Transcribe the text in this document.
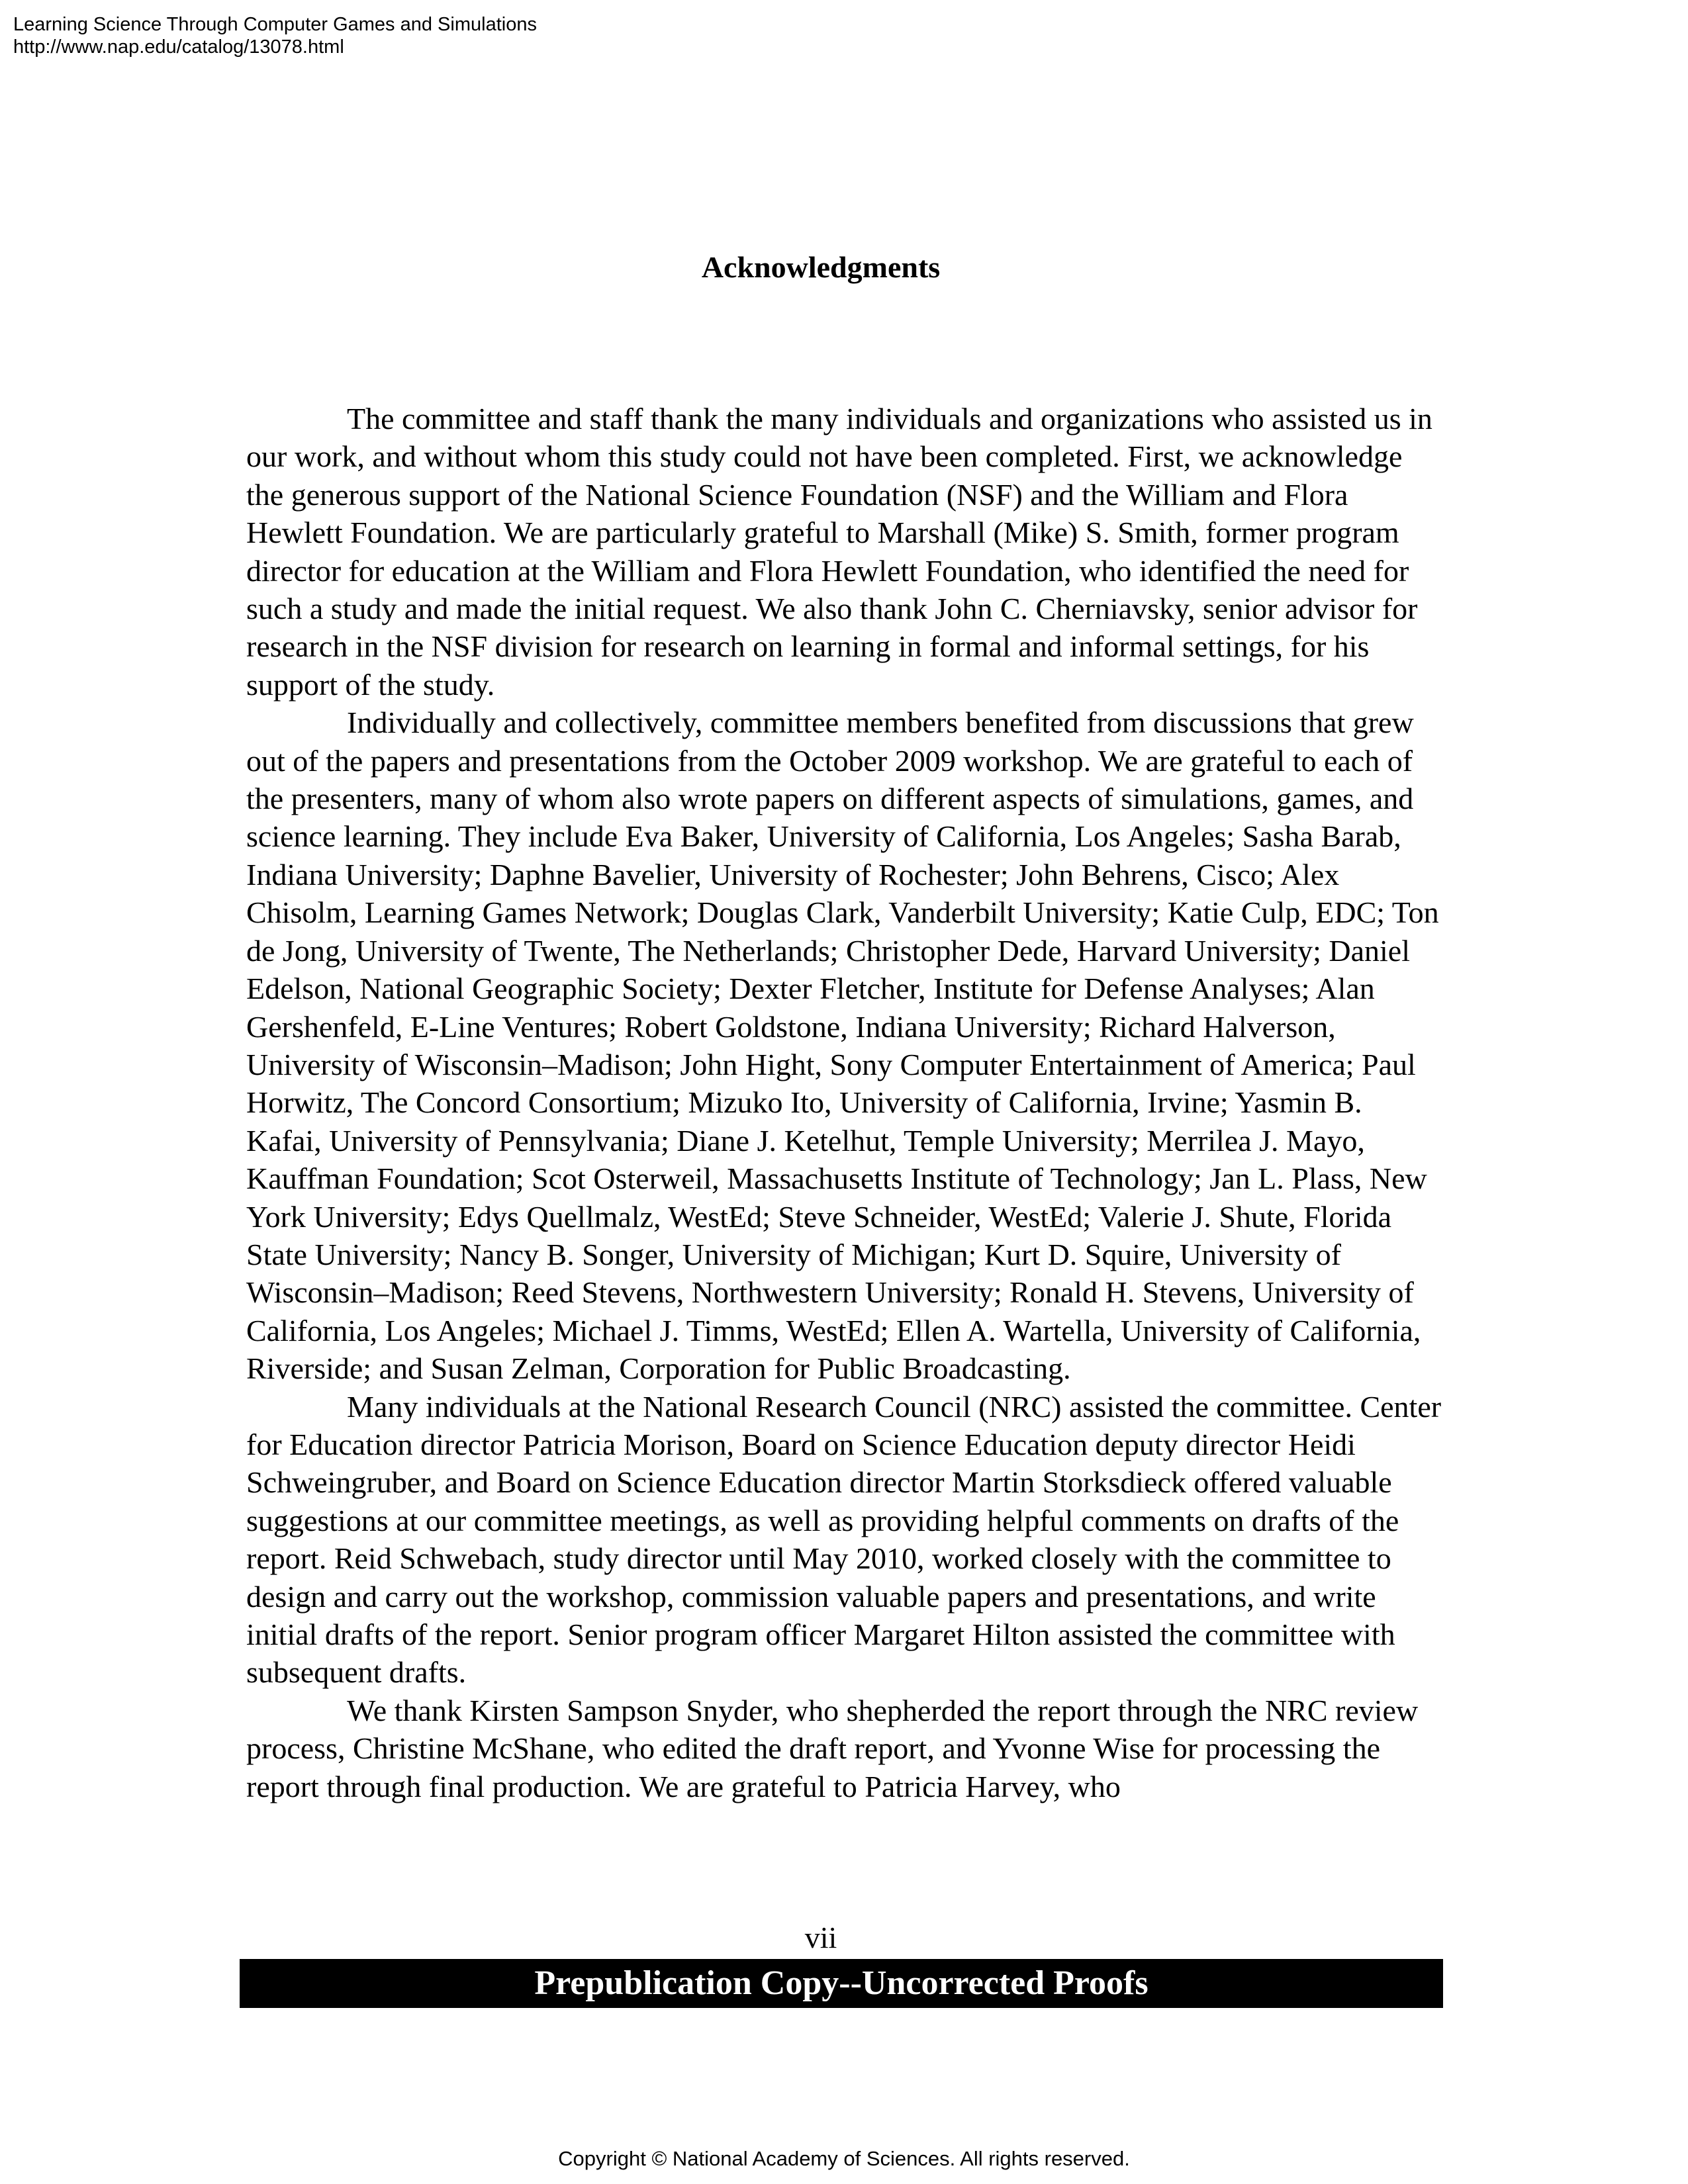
Learning Science Through Computer Games and Simulations
http://www.nap.edu/catalog/13078.html
Acknowledgments

The committee and staff thank the many individuals and organizations who assisted us in our work, and without whom this study could not have been completed. First, we acknowledge the generous support of the National Science Foundation (NSF) and the William and Flora Hewlett Foundation. We are particularly grateful to Marshall (Mike) S. Smith, former program director for education at the William and Flora Hewlett Foundation, who identified the need for such a study and made the initial request. We also thank John C. Cherniavsky, senior advisor for research in the NSF division for research on learning in formal and informal settings, for his support of the study.

Individually and collectively, committee members benefited from discussions that grew out of the papers and presentations from the October 2009 workshop. We are grateful to each of the presenters, many of whom also wrote papers on different aspects of simulations, games, and science learning. They include Eva Baker, University of California, Los Angeles; Sasha Barab, Indiana University; Daphne Bavelier, University of Rochester; John Behrens, Cisco; Alex Chisolm, Learning Games Network; Douglas Clark, Vanderbilt University; Katie Culp, EDC; Ton de Jong, University of Twente, The Netherlands; Christopher Dede, Harvard University; Daniel Edelson, National Geographic Society; Dexter Fletcher, Institute for Defense Analyses; Alan Gershenfeld, E-Line Ventures; Robert Goldstone, Indiana University; Richard Halverson, University of Wisconsin–Madison; John Hight, Sony Computer Entertainment of America; Paul Horwitz, The Concord Consortium; Mizuko Ito, University of California, Irvine; Yasmin B. Kafai, University of Pennsylvania; Diane J. Ketelhut, Temple University; Merrilea J. Mayo, Kauffman Foundation; Scot Osterweil, Massachusetts Institute of Technology; Jan L. Plass, New York University; Edys Quellmalz, WestEd; Steve Schneider, WestEd; Valerie J. Shute, Florida State University; Nancy B. Songer, University of Michigan; Kurt D. Squire, University of Wisconsin–Madison; Reed Stevens, Northwestern University; Ronald H. Stevens, University of California, Los Angeles; Michael J. Timms, WestEd; Ellen A. Wartella, University of California, Riverside; and Susan Zelman, Corporation for Public Broadcasting.

Many individuals at the National Research Council (NRC) assisted the committee. Center for Education director Patricia Morison, Board on Science Education deputy director Heidi Schweingruber, and Board on Science Education director Martin Storksdieck offered valuable suggestions at our committee meetings, as well as providing helpful comments on drafts of the report. Reid Schwebach, study director until May 2010, worked closely with the committee to design and carry out the workshop, commission valuable papers and presentations, and write initial drafts of the report. Senior program officer Margaret Hilton assisted the committee with subsequent drafts.

We thank Kirsten Sampson Snyder, who shepherded the report through the NRC review process, Christine McShane, who edited the draft report, and Yvonne Wise for processing the report through final production. We are grateful to Patricia Harvey, who

vii
Prepublication Copy--Uncorrected Proofs
Copyright © National Academy of Sciences. All rights reserved.
